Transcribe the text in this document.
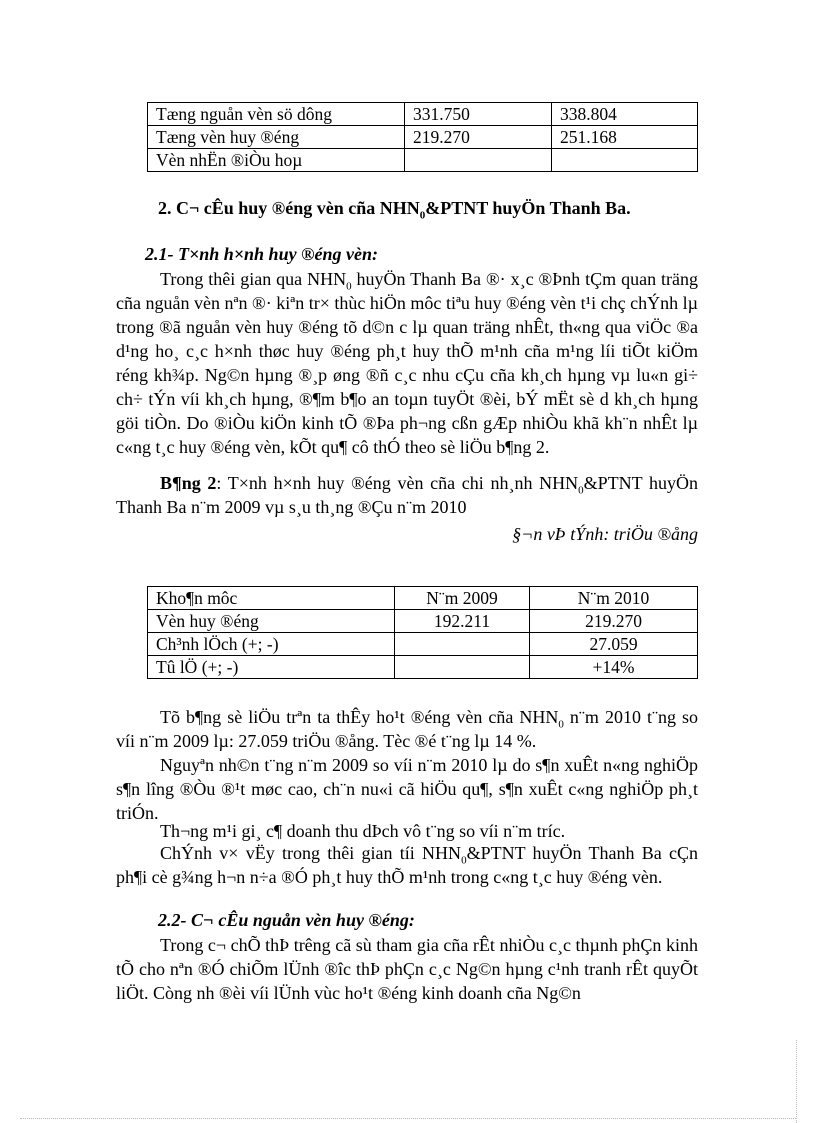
Tæng nguån vèn sö dông	331.750	338.804
Tæng vèn huy ®éng	219.270	251.168
Vèn nhËn ®iÒu hoµ		
2. C¬ cÊu huy ®éng vèn cña $NHN_0\&PTNT$ huyÖn Thanh Ba.
2.1- T×nh h×nh huy ®éng vèn:
Trong thêi gian qua $NHN_0$ huyÖn Thanh Ba ®· x¸c ®Þnh tÇm quan träng cña nguån vèn nªn ®· kiªn tr× thùc hiÖn môc tiªu huy ®éng vèn t¹i chç chÝnh lµ trong ®ã nguån vèn huy ®éng tõ d©n c lµ quan träng nhÊt, th«ng qua viÖc ®a d¹ng ho¸ c¸c h×nh thøc huy ®éng ph¸t huy thÕ m¹nh cña m¹ng líi tiÕt kiÖm réng kh¾p. Ng©n hµng ®¸p øng ®ñ c¸c nhu cÇu cña kh¸ch hµng vµ lu«n gi÷ ch÷ tÝn víi kh¸ch hµng, ®¶m b¶o an toµn tuyÖt ®èi, bÝ mËt sè d kh¸ch hµng göi tiÒn. Do ®iÒu kiÖn kinh tÕ ®Þa ph¬ng cßn gÆp nhiÒu khã kh¨n nhÊt lµ c«ng t¸c huy ®éng vèn, kÕt qu¶ cô thÓ theo sè liÖu b¶ng 2.
B¶ng 2: T×nh h×nh huy ®éng vèn cña chi nh¸nh $NHN_0\&PTNT$ huyÖn Thanh Ba n¨m 2009 vµ s¸u th¸ng ®Çu n¨m 2010
§¬n vÞ tÝnh: triÖu ®ång
Kho¶n môc	N¨m 2009	N¨m 2010
Vèn huy ®éng	192.211	219.270
Ch³nh lÖch (+; -)		27.059
Tû lÖ (+; -)		+14%
Tõ b¶ng sè liÖu trªn ta thÊy ho¹t ®éng vèn cña $NHN_0$ n¨m 2010 t¨ng so víi n¨m 2009 lµ: 27.059 triÖu ®ång. Tèc ®é t¨ng lµ 14 %.
Nguyªn nh©n t¨ng n¨m 2009 so víi n¨m 2010 lµ do s¶n xuÊt n«ng nghiÖp s¶n lîng ®Òu ®¹t møc cao, ch¨n nu«i cã hiÖu qu¶, s¶n xuÊt c«ng nghiÖp ph¸t triÓn.
Th¬ng m¹i gi¸ c¶ doanh thu dÞch vô t¨ng so víi n¨m tríc.
ChÝnh v× vËy trong thêi gian tíi $NHN_0\&PTNT$ huyÖn Thanh Ba cÇn ph¶i cè g¾ng h¬n n÷a ®Ó ph¸t huy thÕ m¹nh trong c«ng t¸c huy ®éng vèn.
2.2- C¬ cÊu nguån vèn huy ®éng:
Trong c¬ chÕ thÞ trêng cã sù tham gia cña rÊt nhiÒu c¸c thµnh phÇn kinh tÕ cho nªn ®Ó chiÕm lÜnh ®îc thÞ phÇn c¸c Ng©n hµng c¹nh tranh rÊt quyÕt liÖt. Còng nh ®èi víi lÜnh vùc ho¹t ®éng kinh doanh cña Ng©n
